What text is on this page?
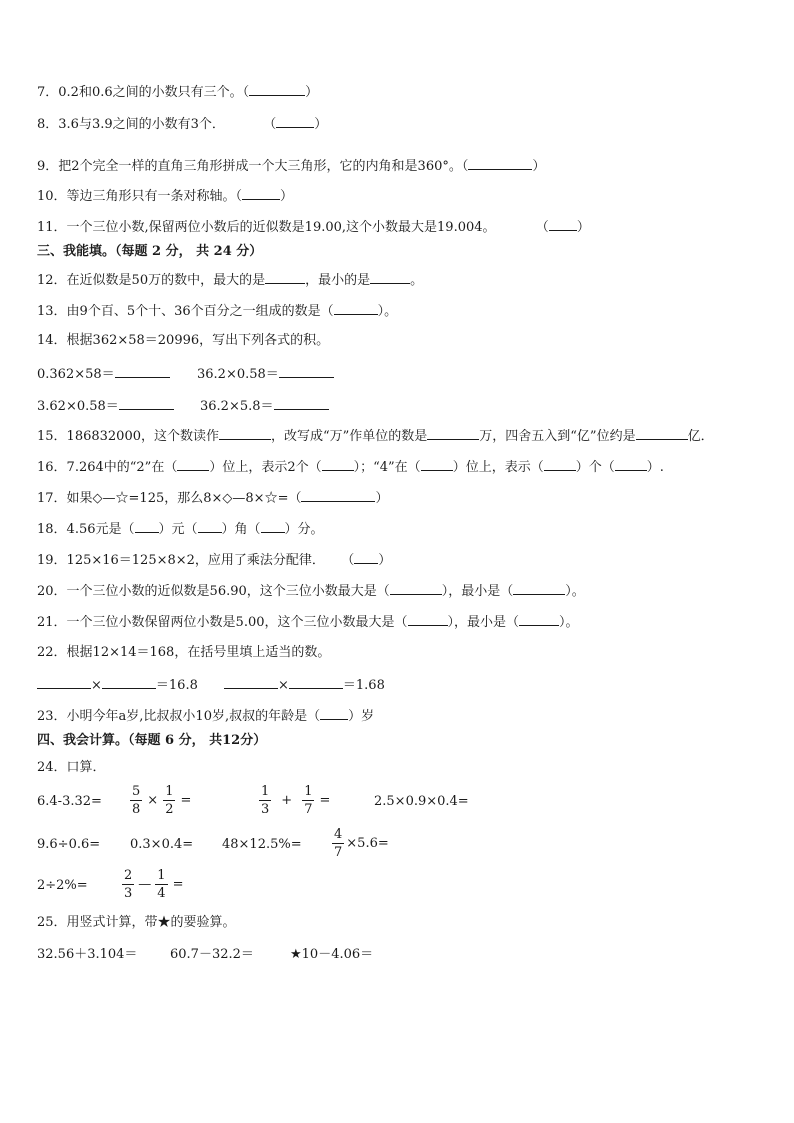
7．0.2和0.6之间的小数只有三个。（	）
8．3.6与3.9之间的小数有3个．	（	）
9．把2个完全一样的直角三角形拼成一个大三角形，它的内角和是360°。（	）
10．等边三角形只有一条对称轴。（	）
11．一个三位小数,保留两位小数后的近似数是19.00,这个小数最大是19.004。	（ ）
三、我能填。（每题 2 分， 共 24 分）
12．在近似数是50万的数中，最大的是	，最小的是	。
13．由9个百、5个十、36个百分之一组成的数是（	）。
14．根据362×58＝20996，写出下列各式的积。
0.362×58＝	36.2×0.58＝
3.62×0.58＝	36.2×5.8＝
15．186832000，这个数读作	，改写成“万”作单位的数是	万，四舍五入到“亿”位约是	亿．
16．7.264中的“2”在（ ）位上，表示2个（ ）；“4”在（ ）位上，表示（ ）个（ ）.
17．如果◇—☆=125，那么8×◇—8×☆=（	）
18．4.56元是（ ）元（ ）角（ ）分。
19．125×16＝125×8×2，应用了乘法分配律． （ ）
20．一个三位小数的近似数是56.90，这个三位小数最大是（	），最小是（	）。
21．一个三位小数保留两位小数是5.00，这个三位小数最大是（	），最小是（	）。
22．根据12×14＝168，在括号里填上适当的数。
×	＝16.8	×	＝1.68
23．小明今年a岁,比叔叔小10岁,叔叔的年龄是（ ）岁
四、我会计算。（每题 6 分， 共12分）
24．口算．
$6.4-3.32= \frac{5}{8} \times \frac{1}{2}$ =	$\frac{1}{3} + \frac{1}{7}$ =	2.5×0.9×0.4=
$9.6\div 0.6= 0.3\times 0.4= 48\times 12.5\%= \frac{4}{7} \times 5.6=$
2÷2%=	$\frac{2}{3}$ — $\frac{1}{4}$ =
25．用竖式计算，带★的要验算。
32.56＋3.104＝	60.7－32.2＝	★10－4.06＝
